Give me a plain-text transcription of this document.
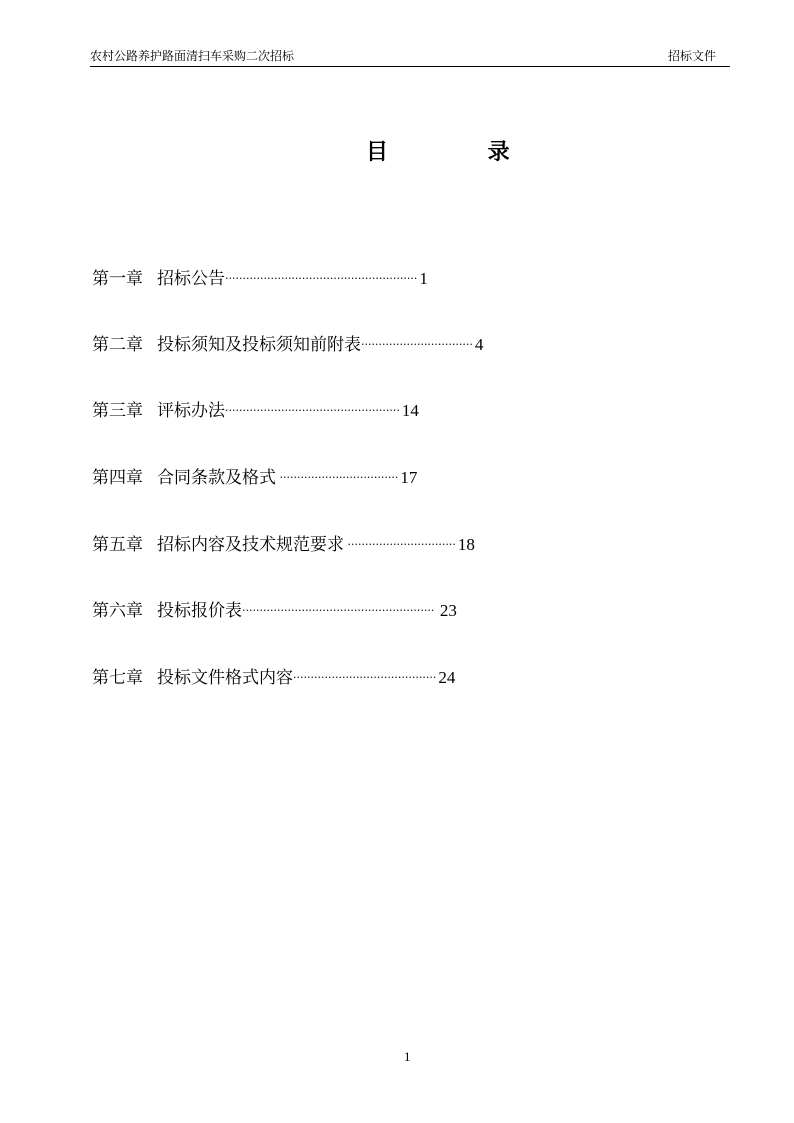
农村公路养护路面清扫车采购二次招标	招标文件
目 录
第一章 招标公告······················································· 1
第二章 投标须知及投标须知前附表································ 4
第三章 评标办法·················································· 14
第四章 合同条款及格式 ·································· 17
第五章 招标内容及技术规范要求 ······························· 18
第六章 投标报价表······················································· 23
第七章 投标文件格式内容········································· 24
1
